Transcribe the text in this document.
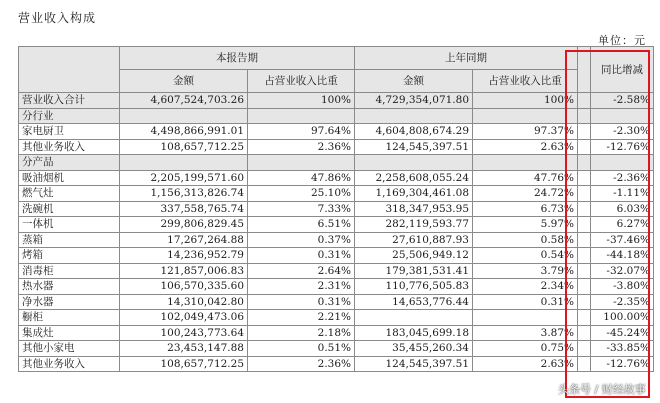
营业收入构成
单位：元
	本报告期		上年同期			同比增减
	金额	占营业收入比重	金额	占营业收入比重		
营业收入合计	4,607,524,703.26	100%	4,729,354,071.80	100%		-2.58%
分行业						
家电厨卫	4,498,866,991.01	97.64%	4,604,808,674.29	97.37%		-2.30%
其他业务收入	108,657,712.25	2.36%	124,545,397.51	2.63%		-12.76%
分产品						
吸油烟机	2,205,199,571.60	47.86%	2,258,608,055.24	47.76%		-2.36%
燃气灶	1,156,313,826.74	25.10%	1,169,304,461.08	24.72%		-1.11%
洗碗机	337,558,765.74	7.33%	318,347,953.95	6.73%		6.03%
一体机	299,806,829.45	6.51%	282,119,593.77	5.97%		6.27%
蒸箱	17,267,264.88	0.37%	27,610,887.93	0.58%		-37.46%
烤箱	14,236,952.79	0.31%	25,506,949.12	0.54%		-44.18%
消毒柜	121,857,006.83	2.64%	179,381,531.41	3.79%		-32.07%
热水器	106,570,335.60	2.31%	110,776,505.83	2.34%		-3.80%
净水器	14,310,042.80	0.31%	14,653,776.44	0.31%		-2.35%
橱柜	102,049,473.06	2.21%				100.00%
集成灶	100,243,773.64	2.18%	183,045,699.18	3.87%		-45.24%
其他小家电	23,453,147.88	0.51%	35,455,260.34	0.75%		-33.85%
其他业务收入	108,657,712.25	2.36%	124,545,397.51	2.63%		-12.76%
头条号 / 财经故事
